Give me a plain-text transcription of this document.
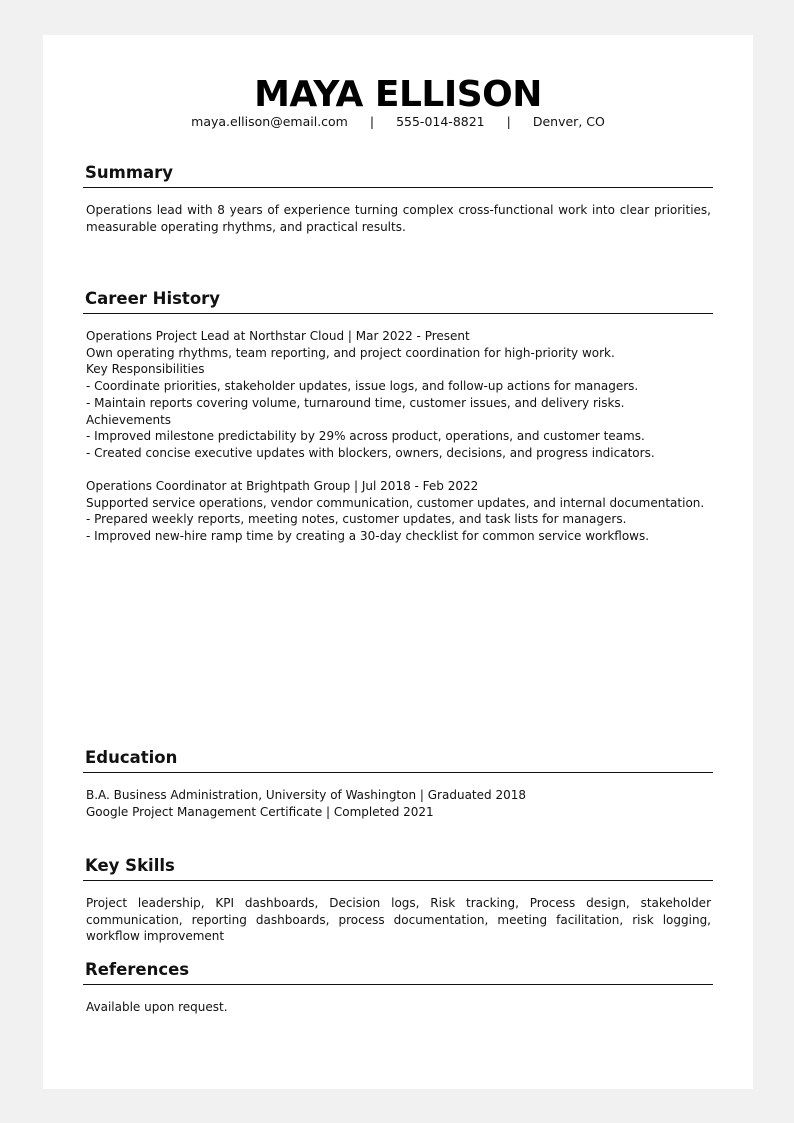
MAYA ELLISON
maya.ellison@email.com | 555-014-8821 | Denver, CO
Summary
Operations lead with 8 years of experience turning complex cross-functional work into clear priorities, measurable operating rhythms, and practical results.
Career History
Operations Project Lead at Northstar Cloud | Mar 2022 - Present
Own operating rhythms, team reporting, and project coordination for high-priority work.
Key Responsibilities
- Coordinate priorities, stakeholder updates, issue logs, and follow-up actions for managers.
- Maintain reports covering volume, turnaround time, customer issues, and delivery risks.
Achievements
- Improved milestone predictability by 29% across product, operations, and customer teams.
- Created concise executive updates with blockers, owners, decisions, and progress indicators.
Operations Coordinator at Brightpath Group | Jul 2018 - Feb 2022
Supported service operations, vendor communication, customer updates, and internal documentation.
- Prepared weekly reports, meeting notes, customer updates, and task lists for managers.
- Improved new-hire ramp time by creating a 30-day checklist for common service workflows.
Education
B.A. Business Administration, University of Washington | Graduated 2018
Google Project Management Certificate | Completed 2021
Key Skills
Project leadership, KPI dashboards, Decision logs, Risk tracking, Process design, stakeholder communication, reporting dashboards, process documentation, meeting facilitation, risk logging, workflow improvement
References
Available upon request.
